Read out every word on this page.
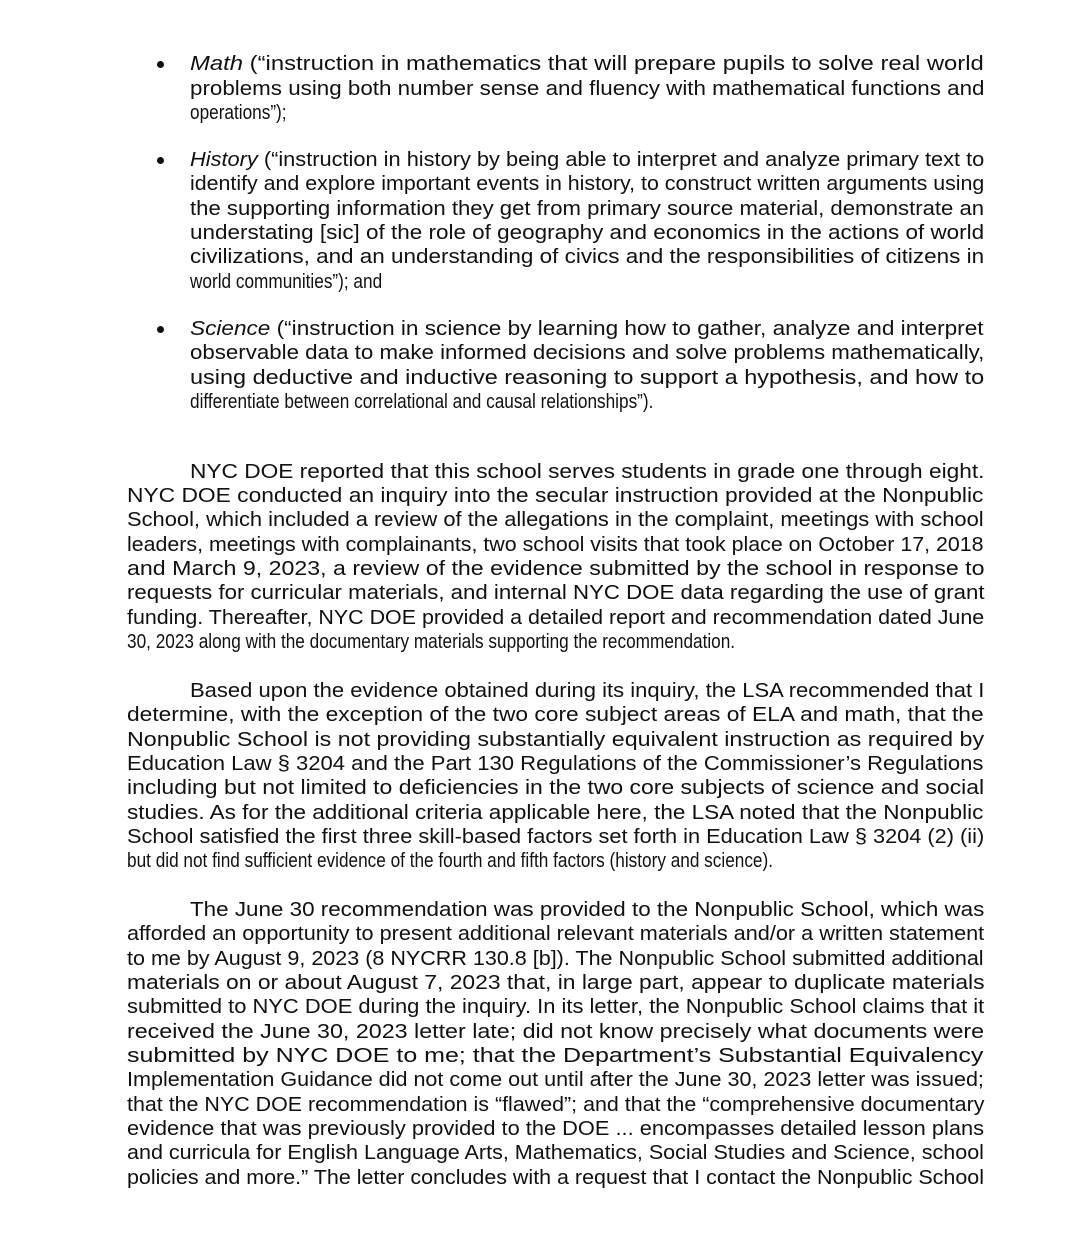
Math (“instruction in mathematics that will prepare pupils to solve real world
problems using both number sense and fluency with mathematical functions and
operations”);
History (“instruction in history by being able to interpret and analyze primary text to
identify and explore important events in history, to construct written arguments using
the supporting information they get from primary source material, demonstrate an
understating [sic] of the role of geography and economics in the actions of world
civilizations, and an understanding of civics and the responsibilities of citizens in
world communities”); and
Science (“instruction in science by learning how to gather, analyze and interpret
observable data to make informed decisions and solve problems mathematically,
using deductive and inductive reasoning to support a hypothesis, and how to
differentiate between correlational and causal relationships”).
NYC DOE reported that this school serves students in grade one through eight.
NYC DOE conducted an inquiry into the secular instruction provided at the Nonpublic
School, which included a review of the allegations in the complaint, meetings with school
leaders, meetings with complainants, two school visits that took place on October 17, 2018
and March 9, 2023, a review of the evidence submitted by the school in response to
requests for curricular materials, and internal NYC DOE data regarding the use of grant
funding. Thereafter, NYC DOE provided a detailed report and recommendation dated June
30, 2023 along with the documentary materials supporting the recommendation.
Based upon the evidence obtained during its inquiry, the LSA recommended that I
determine, with the exception of the two core subject areas of ELA and math, that the
Nonpublic School is not providing substantially equivalent instruction as required by
Education Law § 3204 and the Part 130 Regulations of the Commissioner’s Regulations
including but not limited to deficiencies in the two core subjects of science and social
studies. As for the additional criteria applicable here, the LSA noted that the Nonpublic
School satisfied the first three skill-based factors set forth in Education Law § 3204 (2) (ii)
but did not find sufficient evidence of the fourth and fifth factors (history and science).
The June 30 recommendation was provided to the Nonpublic School, which was
afforded an opportunity to present additional relevant materials and/or a written statement
to me by August 9, 2023 (8 NYCRR 130.8 [b]). The Nonpublic School submitted additional
materials on or about August 7, 2023 that, in large part, appear to duplicate materials
submitted to NYC DOE during the inquiry. In its letter, the Nonpublic School claims that it
received the June 30, 2023 letter late; did not know precisely what documents were
submitted by NYC DOE to me; that the Department’s Substantial Equivalency
Implementation Guidance did not come out until after the June 30, 2023 letter was issued;
that the NYC DOE recommendation is “flawed”; and that the “comprehensive documentary
evidence that was previously provided to the DOE ... encompasses detailed lesson plans
and curricula for English Language Arts, Mathematics, Social Studies and Science, school
policies and more.” The letter concludes with a request that I contact the Nonpublic School
